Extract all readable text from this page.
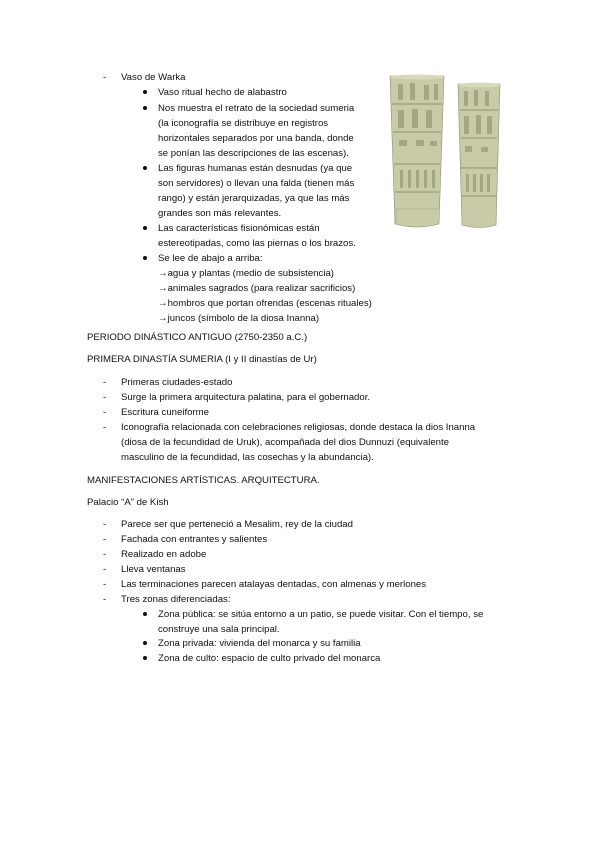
- Vaso de Warka
Vaso ritual hecho de alabastro
Nos muestra el retrato de la sociedad sumeria
(la iconografía se distribuye en registros
horizontales separados por una banda, donde
se ponían las descripciones de las escenas).
Las figuras humanas están desnudas (ya que
son servidores) o llevan una falda (tienen más
rango) y están jerarquizadas, ya que las más
grandes son más relevantes.
Las características fisionómicas están
estereotipadas, como las piernas o los brazos.
Se lee de abajo a arriba:
→agua y plantas (medio de subsistencia)
→animales sagrados (para realizar sacrificios)
→hombros que portan ofrendas (escenas rituales)
→juncos (símbolo de la diosa Inanna)
PERIODO DINÁSTICO ANTIGUO (2750-2350 a.C.)
PRIMERA DINASTÍA SUMERIA (I y II dinastías de Ur)
- Primeras ciudades-estado
- Surge la primera arquitectura palatina, para el gobernador.
- Escritura cuneiforme
- Iconografía relacionada con celebraciones religiosas, donde destaca la dios Inanna
(diosa de la fecundidad de Uruk), acompañada del dios Dunnuzi (equivalente
masculino de la fecundidad, las cosechas y la abundancia).
MANIFESTACIONES ARTÍSTICAS. ARQUITECTURA.
Palacio “A” de Kish
- Parece ser que perteneció a Mesalim, rey de la ciudad
- Fachada con entrantes y salientes
- Realizado en adobe
- Lleva ventanas
- Las terminaciones parecen atalayas dentadas, con almenas y merlones
- Tres zonas diferenciadas:
Zona pública: se sitúa entorno a un patio, se puede visitar. Con el tiempo, se
construye una sala principal.
Zona privada: vivienda del monarca y su familia
Zona de culto: espacio de culto privado del monarca
